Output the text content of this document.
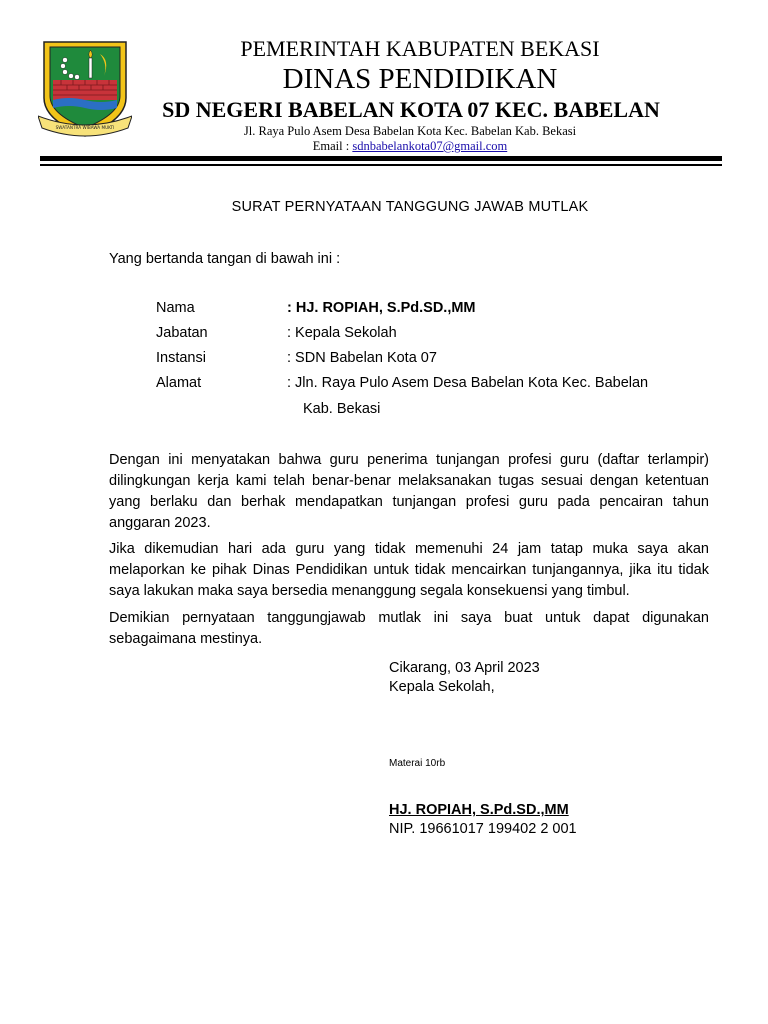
SWATANTRA WIBAWA MUKTI
PEMERINTAH KABUPATEN BEKASI
DINAS PENDIDIKAN
SD NEGERI BABELAN KOTA 07 KEC. BABELAN
Jl. Raya Pulo Asem Desa Babelan Kota Kec. Babelan Kab. Bekasi
Email : sdnbabelankota07@gmail.com
SURAT PERNYATAAN TANGGUNG JAWAB MUTLAK
Yang bertanda tangan di bawah ini :
Nama	: HJ. ROPIAH, S.Pd.SD.,MM
Jabatan	: Kepala Sekolah
Instansi	: SDN Babelan Kota 07
Alamat	: Jln. Raya Pulo Asem Desa Babelan Kota Kec. Babelan
Kab. Bekasi
Dengan ini menyatakan bahwa guru penerima tunjangan profesi guru (daftar terlampir) dilingkungan kerja kami telah benar-benar melaksanakan tugas sesuai dengan ketentuan yang berlaku dan berhak mendapatkan tunjangan profesi guru pada pencairan tahun anggaran 2023.
Jika dikemudian hari ada guru yang tidak memenuhi 24 jam tatap muka saya akan melaporkan ke pihak Dinas Pendidikan untuk tidak mencairkan tunjangannya, jika itu tidak saya lakukan maka saya bersedia menanggung segala konsekuensi yang timbul.
Demikian pernyataan tanggungjawab mutlak ini saya buat untuk dapat digunakan sebagaimana mestinya.
Cikarang, 03 April 2023
Kepala Sekolah,
Materai 10rb
HJ. ROPIAH, S.Pd.SD.,MM
NIP. 19661017 199402 2 001
